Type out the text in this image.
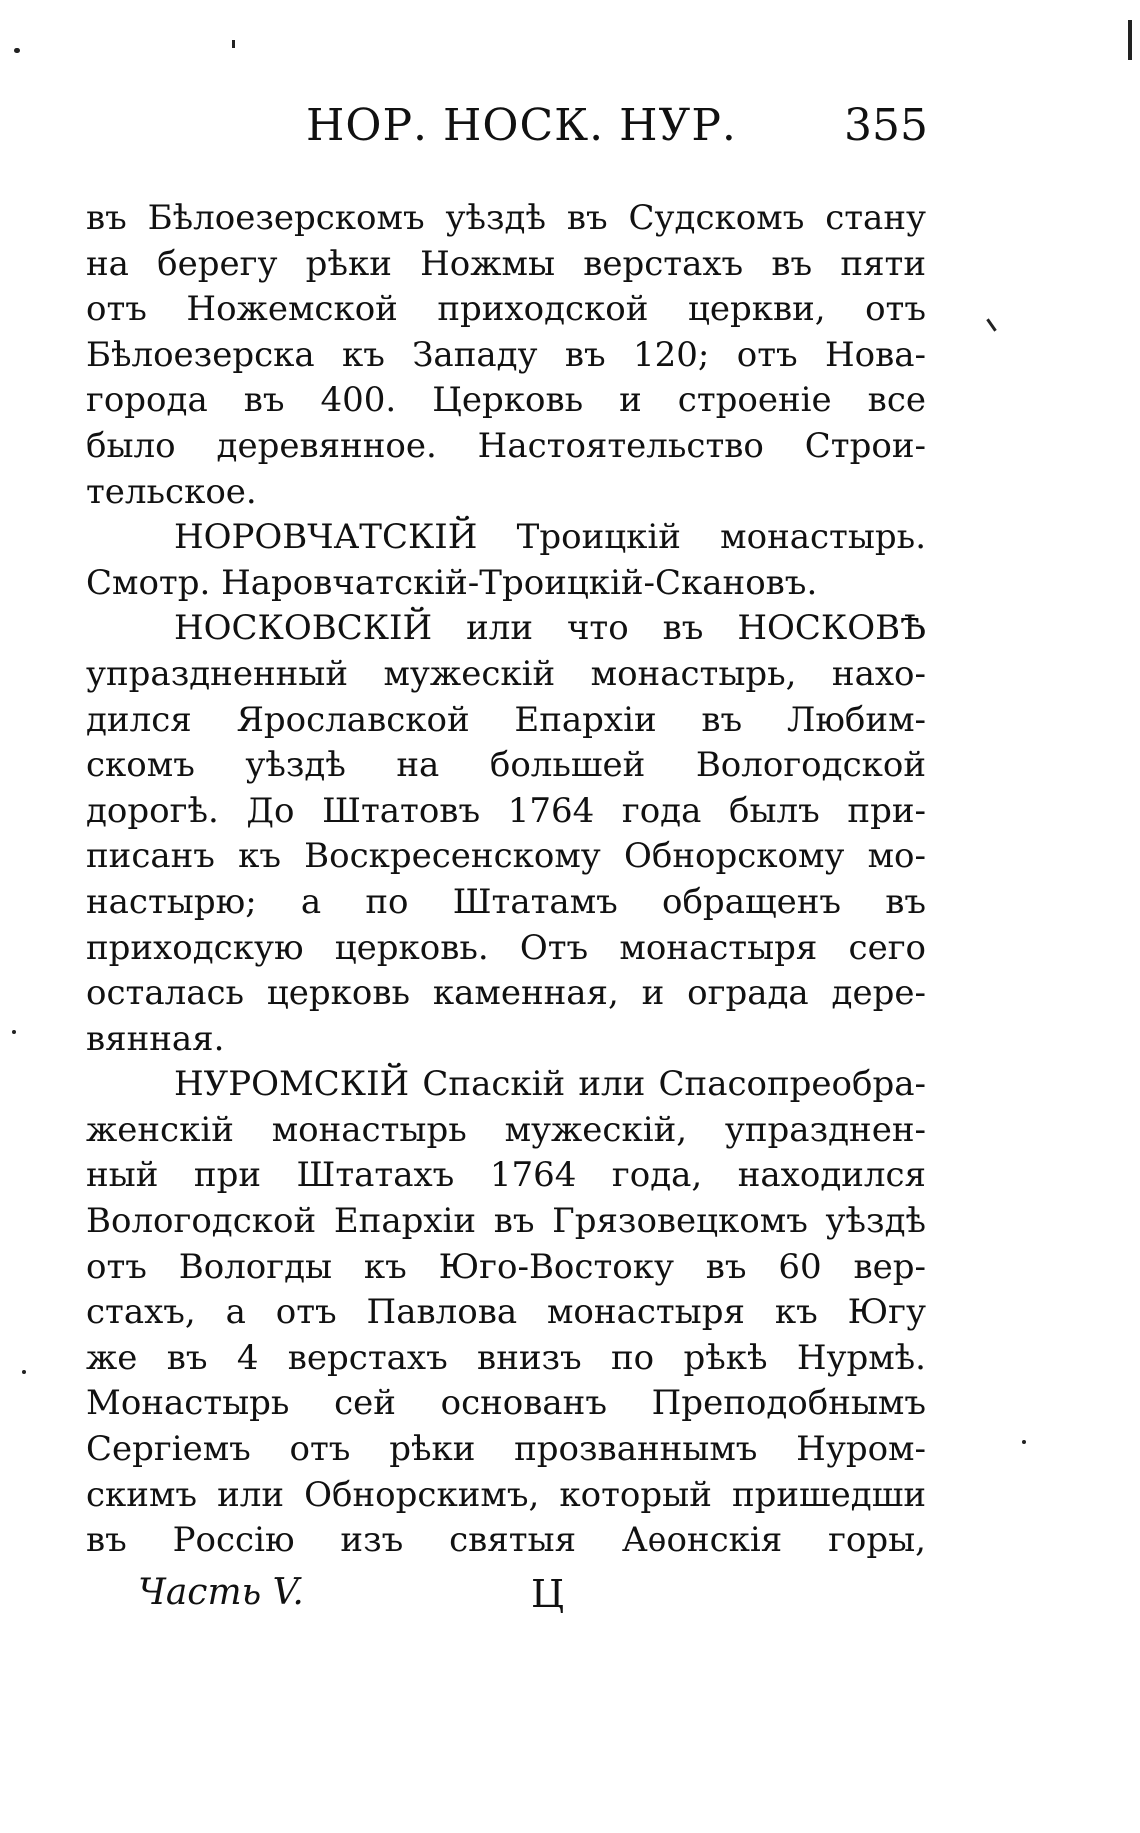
НОР. НОСК. НУР. 355
въ Бѣлоезерскомъ уѣздѣ въ Судскомъ стану
на берегу рѣки Ножмы верстахъ въ пяти
отъ Ножемской приходской церкви, отъ
Бѣлоезерска къ Западу въ 120; отъ Нова-
города въ 400. Церковь и строеніе все
было деревянное. Настоятельство Строи-
тельское.
НОРОВЧАТСКІЙ Троицкій монастырь.
Смотр. Наровчатскій-Троицкій-Скановъ.
НОСКОВСКІЙ или что въ НОСКОВѢ
упраздненный мужескій монастырь, нахо-
дился Ярославской Епархіи въ Любим-
скомъ уѣздѣ на большей Вологодской
дорогѣ. До Штатовъ 1764 года былъ при-
писанъ къ Воскресенскому Обнорскому мо-
настырю; а по Штатамъ обращенъ въ
приходскую церковь. Отъ монастыря сего
осталась церковь каменная, и ограда дере-
вянная.
НУРОМСКІЙ Спаскій или Спасопреобра-
женскій монастырь мужескій, упразднен-
ный при Штатахъ 1764 года, находился
Вологодской Епархіи въ Грязовецкомъ уѣздѣ
отъ Вологды къ Юго-Востоку въ 60 вер-
стахъ, а отъ Павлова монастыря къ Югу
же въ 4 верстахъ внизъ по рѣкѣ Нурмѣ.
Монастырь сей основанъ Преподобнымъ
Сергіемъ отъ рѣки прозваннымъ Нуром-
скимъ или Обнорскимъ, который пришедши
въ Россію изъ святыя Аѳонскія горы,
Часть V.	Ц
